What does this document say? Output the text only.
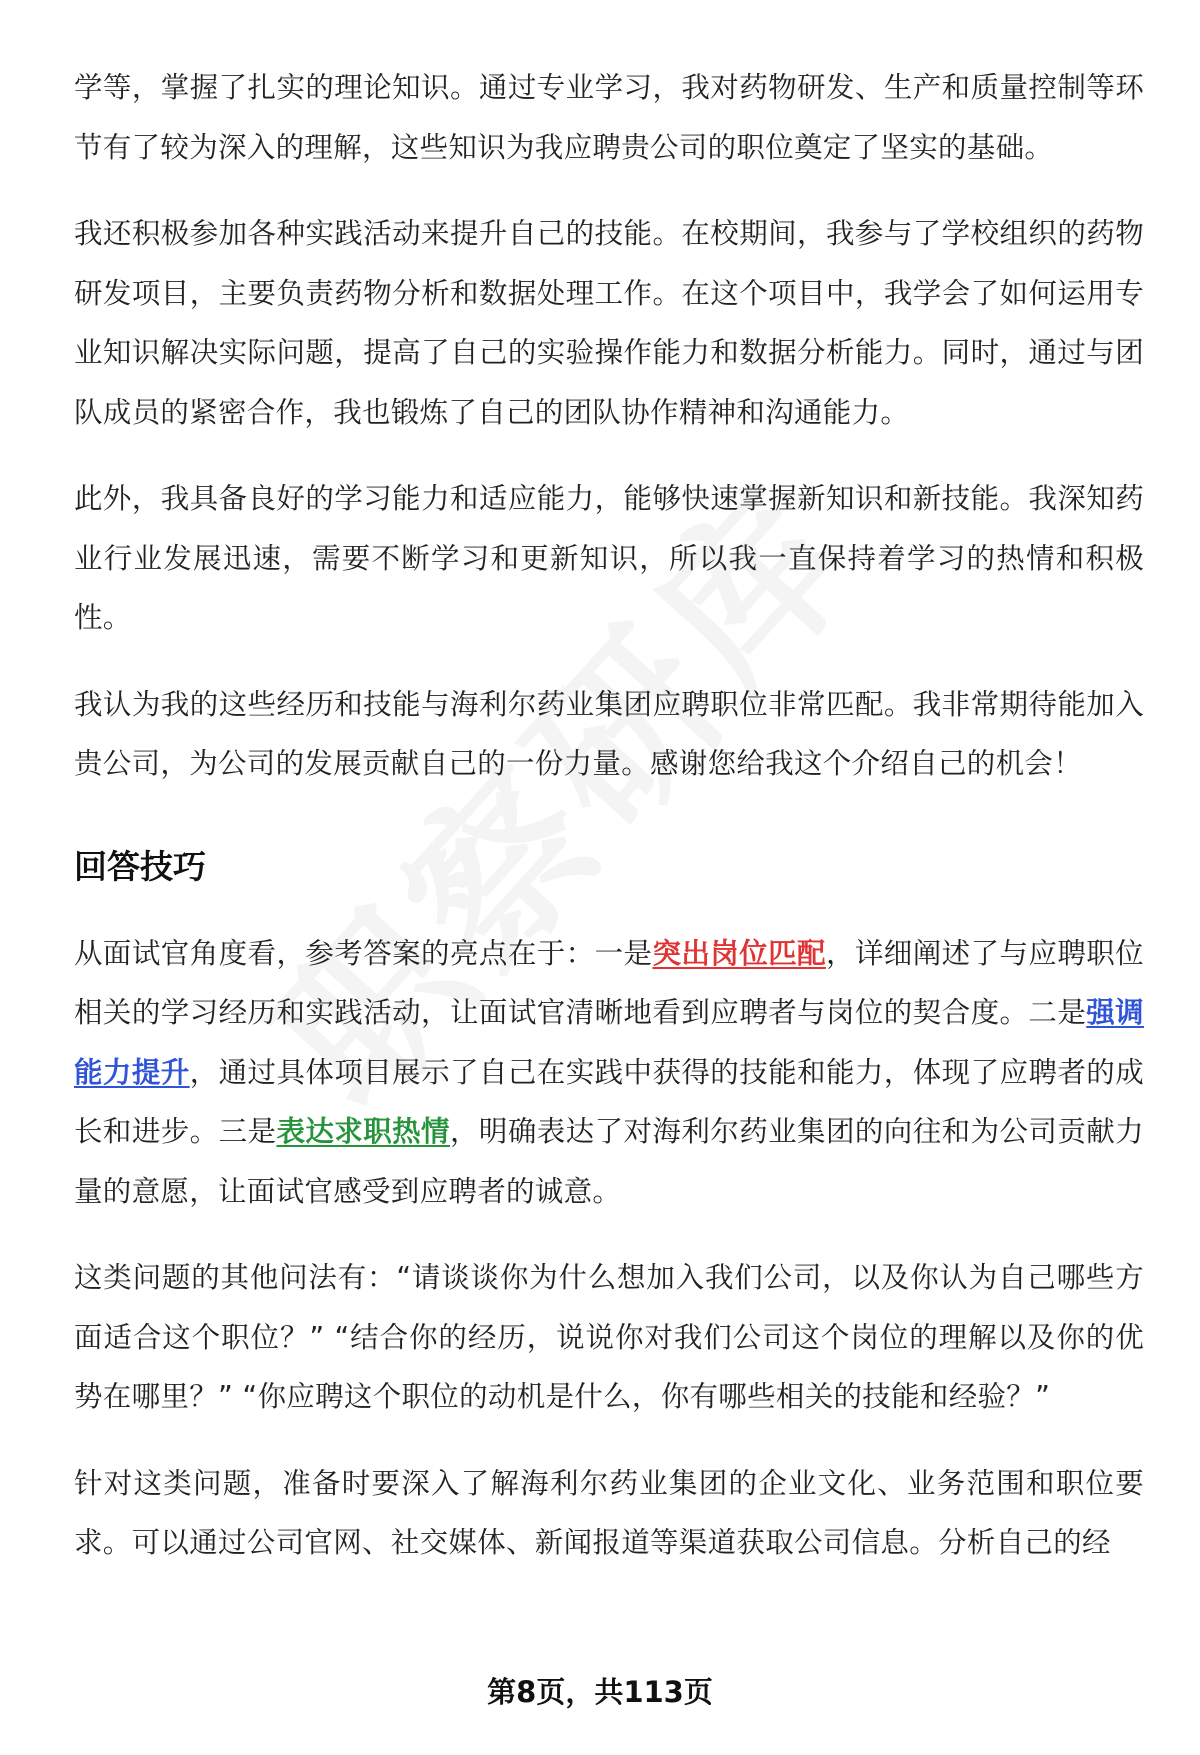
学等，掌握了扎实的理论知识。通过专业学习，我对药物研发、生产和质量控制等环节有了较为深入的理解，这些知识为我应聘贵公司的职位奠定了坚实的基础。

我还积极参加各种实践活动来提升自己的技能。在校期间，我参与了学校组织的药物研发项目，主要负责药物分析和数据处理工作。在这个项目中，我学会了如何运用专业知识解决实际问题，提高了自己的实验操作能力和数据分析能力。同时，通过与团队成员的紧密合作，我也锻炼了自己的团队协作精神和沟通能力。

此外，我具备良好的学习能力和适应能力，能够快速掌握新知识和新技能。我深知药业行业发展迅速，需要不断学习和更新知识，所以我一直保持着学习的热情和积极性。

我认为我的这些经历和技能与海利尔药业集团应聘职位非常匹配。我非常期待能加入贵公司，为公司的发展贡献自己的一份力量。感谢您给我这个介绍自己的机会！

回答技巧

从面试官角度看，参考答案的亮点在于：一是突出岗位匹配，详细阐述了与应聘职位相关的学习经历和实践活动，让面试官清晰地看到应聘者与岗位的契合度。二是强调能力提升，通过具体项目展示了自己在实践中获得的技能和能力，体现了应聘者的成长和进步。三是表达求职热情，明确表达了对海利尔药业集团的向往和为公司贡献力量的意愿，让面试官感受到应聘者的诚意。

这类问题的其他问法有：“请谈谈你为什么想加入我们公司，以及你认为自己哪些方面适合这个职位？” “结合你的经历，说说你对我们公司这个岗位的理解以及你的优势在哪里？” “你应聘这个职位的动机是什么，你有哪些相关的技能和经验？”

针对这类问题，准备时要深入了解海利尔药业集团的企业文化、业务范围和职位要求。可以通过公司官网、社交媒体、新闻报道等渠道获取公司信息。分析自己的经

第8页，共113页
